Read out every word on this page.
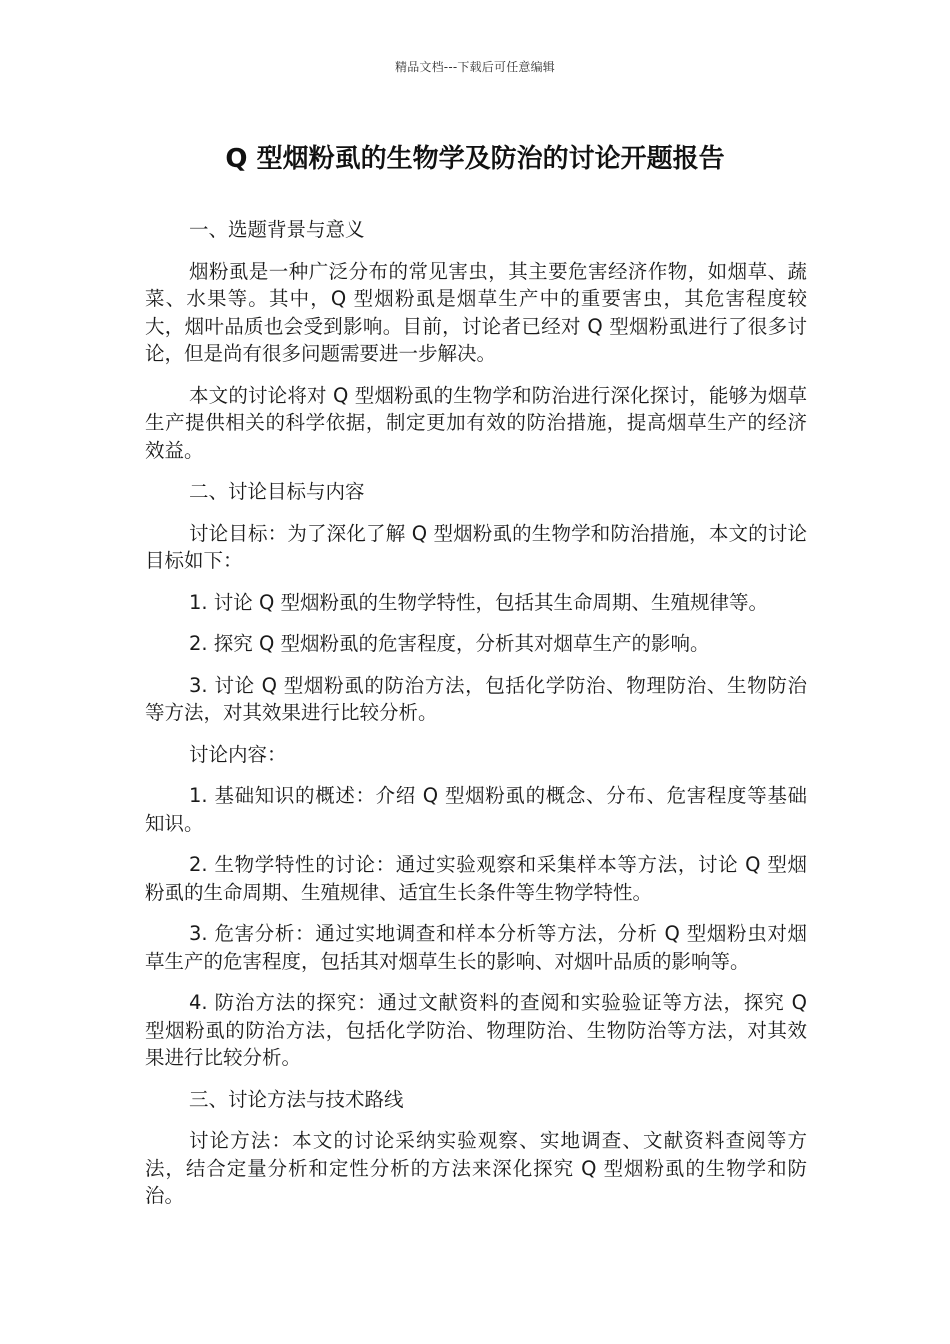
精品文档---下载后可任意编辑
Q 型烟粉虱的生物学及防治的讨论开题报告

一、选题背景与意义

烟粉虱是一种广泛分布的常见害虫，其主要危害经济作物，如烟草、蔬菜、水果等。其中，Q 型烟粉虱是烟草生产中的重要害虫，其危害程度较大，烟叶品质也会受到影响。目前，讨论者已经对 Q 型烟粉虱进行了很多讨论，但是尚有很多问题需要进一步解决。

本文的讨论将对 Q 型烟粉虱的生物学和防治进行深化探讨，能够为烟草生产提供相关的科学依据，制定更加有效的防治措施，提高烟草生产的经济效益。

二、讨论目标与内容

讨论目标：为了深化了解 Q 型烟粉虱的生物学和防治措施，本文的讨论目标如下：

1. 讨论 Q 型烟粉虱的生物学特性，包括其生命周期、生殖规律等。

2. 探究 Q 型烟粉虱的危害程度，分析其对烟草生产的影响。

3. 讨论 Q 型烟粉虱的防治方法，包括化学防治、物理防治、生物防治等方法，对其效果进行比较分析。

讨论内容：

1. 基础知识的概述：介绍 Q 型烟粉虱的概念、分布、危害程度等基础知识。

2. 生物学特性的讨论：通过实验观察和采集样本等方法，讨论 Q 型烟粉虱的生命周期、生殖规律、适宜生长条件等生物学特性。

3. 危害分析：通过实地调查和样本分析等方法，分析 Q 型烟粉虫对烟草生产的危害程度，包括其对烟草生长的影响、对烟叶品质的影响等。

4. 防治方法的探究：通过文献资料的查阅和实验验证等方法，探究 Q 型烟粉虱的防治方法，包括化学防治、物理防治、生物防治等方法，对其效果进行比较分析。

三、讨论方法与技术路线

讨论方法：本文的讨论采纳实验观察、实地调查、文献资料查阅等方法，结合定量分析和定性分析的方法来深化探究 Q 型烟粉虱的生物学和防治。
